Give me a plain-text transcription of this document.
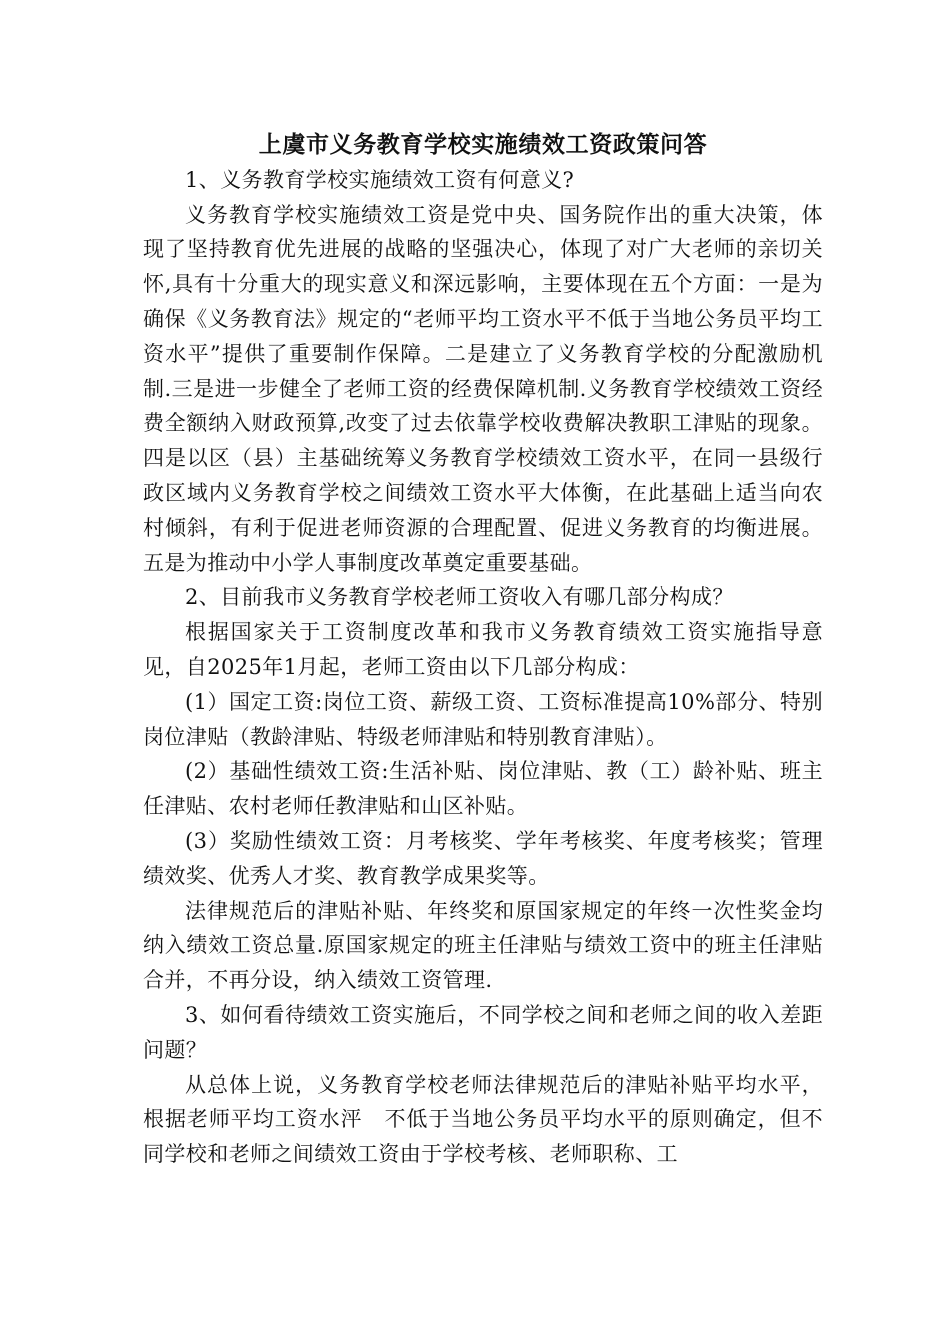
上虞市义务教育学校实施绩效工资政策问答

1、义务教育学校实施绩效工资有何意义?

义务教育学校实施绩效工资是党中央、国务院作出的重大决策，体现了坚持教育优先进展的战略的坚强决心，体现了对广大老师的亲切关怀,具有十分重大的现实意义和深远影响，主要体现在五个方面：一是为确保《义务教育法》规定的“老师平均工资水平不低于当地公务员平均工资水平”提供了重要制作保障。二是建立了义务教育学校的分配激励机制.三是进一步健全了老师工资的经费保障机制.义务教育学校绩效工资经费全额纳入财政预算,改变了过去依靠学校收费解决教职工津贴的现象。四是以区（县）主基础统筹义务教育学校绩效工资水平，在同一县级行政区域内义务教育学校之间绩效工资水平大体衡，在此基础上适当向农村倾斜，有利于促进老师资源的合理配置、促进义务教育的均衡进展。五是为推动中小学人事制度改革奠定重要基础。

2、目前我市义务教育学校老师工资收入有哪几部分构成？

根据国家关于工资制度改革和我市义务教育绩效工资实施指导意见，自2025年1月起，老师工资由以下几部分构成：

(1）国定工资:岗位工资、薪级工资、工资标准提高10%部分、特别岗位津贴（教龄津贴、特级老师津贴和特别教育津贴）。

(2）基础性绩效工资:生活补贴、岗位津贴、教（工）龄补贴、班主任津贴、农村老师任教津贴和山区补贴。

(3）奖励性绩效工资：月考核奖、学年考核奖、年度考核奖；管理绩效奖、优秀人才奖、教育教学成果奖等。

法律规范后的津贴补贴、年终奖和原国家规定的年终一次性奖金均纳入绩效工资总量.原国家规定的班主任津贴与绩效工资中的班主任津贴合并，不再分设，纳入绩效工资管理.

3、如何看待绩效工资实施后，不同学校之间和老师之间的收入差距问题？

从总体上说，义务教育学校老师法律规范后的津贴补贴平均水平，根据老师平均工资水泙　不低于当地公务员平均水平的原则确定，但不同学校和老师之间绩效工资由于学校考核、老师职称、工
